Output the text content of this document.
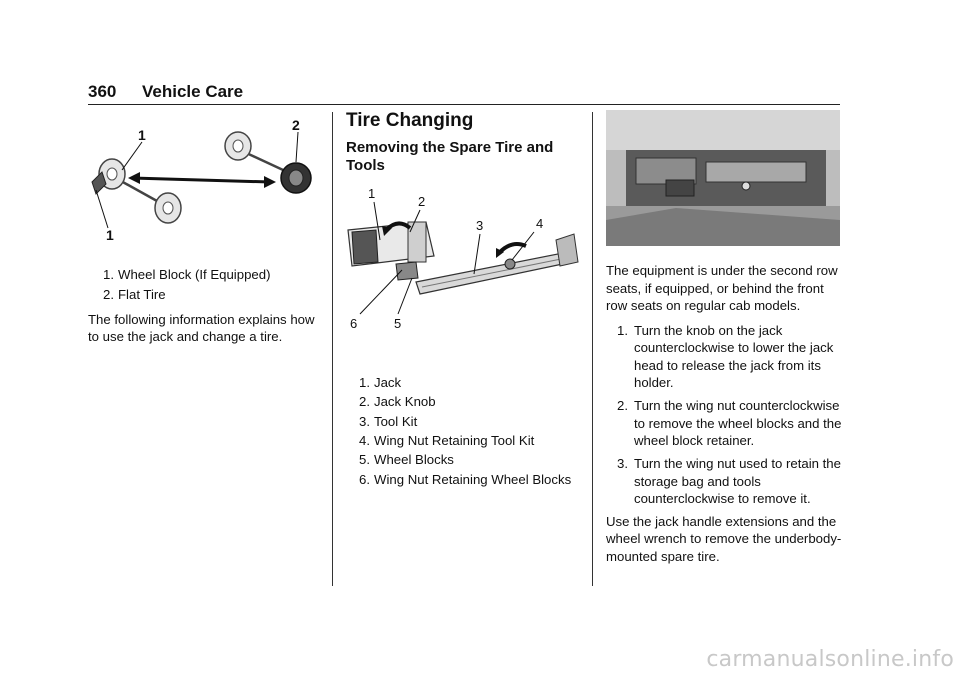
360 Vehicle Care
1
2
1
1. Wheel Block (If Equipped)
2. Flat Tire

The following information explains how to use the jack and change a tire.

Tire Changing
Removing the Spare Tire and Tools
1
2
3	4
6	5
1. Jack
2. Jack Knob
3. Tool Kit
4. Wing Nut Retaining Tool Kit
5. Wheel Blocks
6. Wing Nut Retaining Wheel Blocks

The equipment is under the second row seats, if equipped, or behind the front row seats on regular cab models.

1. Turn the knob on the jack counterclockwise to lower the jack head to release the jack from its holder.
2. Turn the wing nut counterclockwise to remove the wheel blocks and the wheel block retainer.
3. Turn the wing nut used to retain the storage bag and tools counterclockwise to remove it.

Use the jack handle extensions and the wheel wrench to remove the underbody-mounted spare tire.

carmanualsonline.info
